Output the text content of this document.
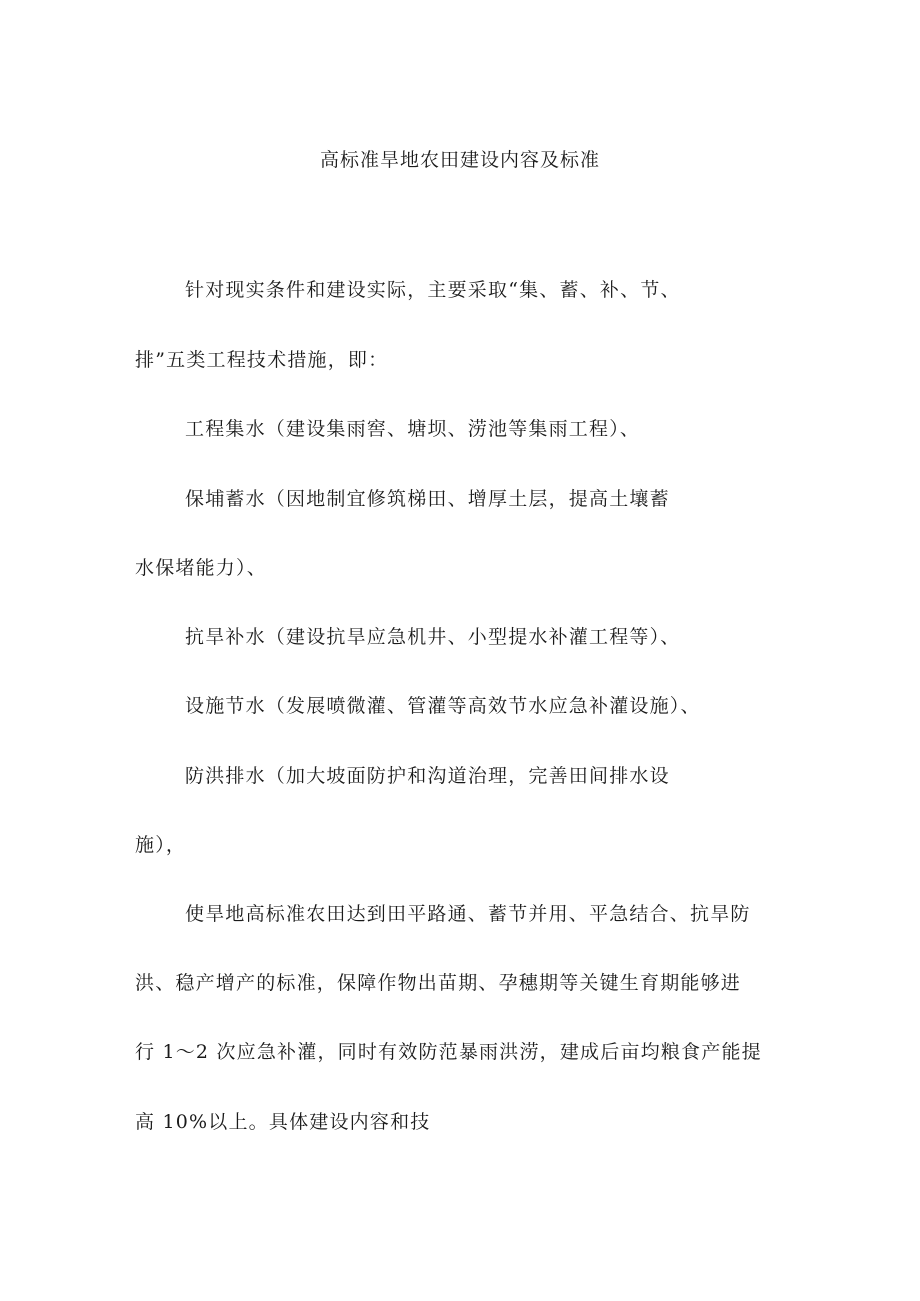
高标准旱地农田建设内容及标准

针对现实条件和建设实际，主要采取“集、蓄、补、节、

排”五类工程技术措施，即：

工程集水（建设集雨窖、塘坝、涝池等集雨工程）、

保埔蓄水（因地制宜修筑梯田、增厚土层，提高土壤蓄

水保堵能力）、

抗旱补水（建设抗旱应急机井、小型提水补灌工程等）、

设施节水（发展喷微灌、管灌等高效节水应急补灌设施）、

防洪排水（加大坡面防护和沟道治理，完善田间排水设

施），

使旱地高标准农田达到田平路通、蓄节并用、平急结合、抗旱防

洪、稳产增产的标准，保障作物出苗期、孕穗期等关键生育期能够进

行 1～2 次应急补灌，同时有效防范暴雨洪涝，建成后亩均粮食产能提

高 10%以上。具体建设内容和技
